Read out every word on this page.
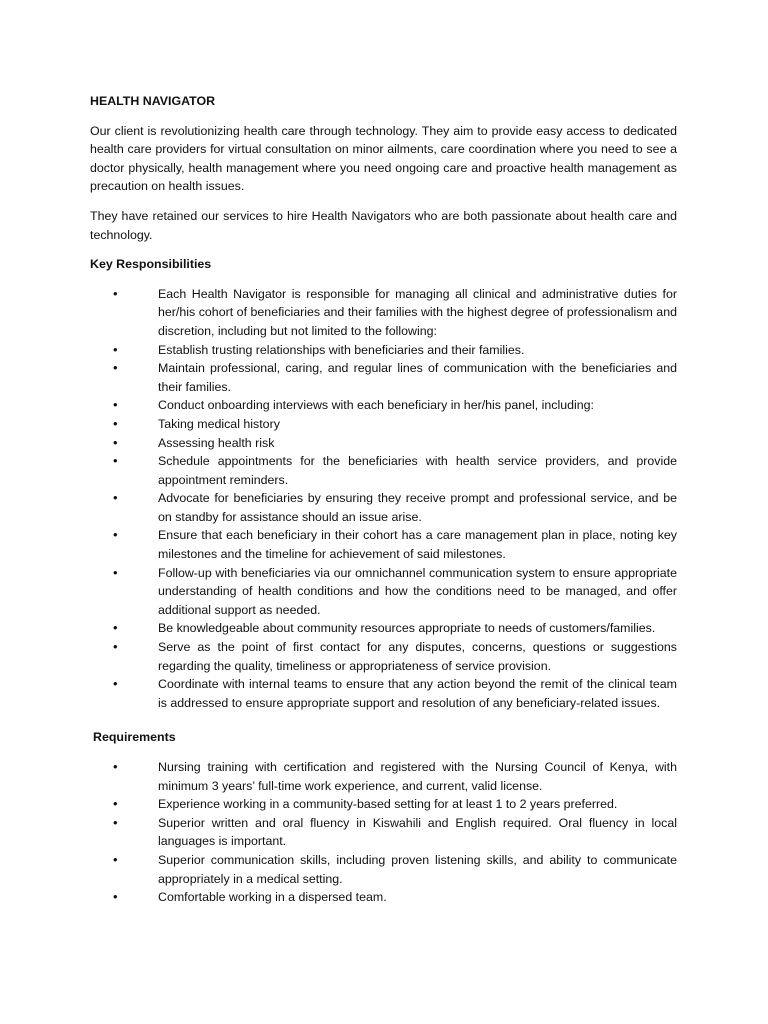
HEALTH NAVIGATOR

Our client is revolutionizing health care through technology. They aim to provide easy access to dedicated health care providers for virtual consultation on minor ailments, care coordination where you need to see a doctor physically, health management where you need ongoing care and proactive health management as precaution on health issues.

They have retained our services to hire Health Navigators who are both passionate about health care and technology.

Key Responsibilities
•	Each Health Navigator is responsible for managing all clinical and administrative duties for her/his cohort of beneficiaries and their families with the highest degree of professionalism and discretion, including but not limited to the following:
•	Establish trusting relationships with beneficiaries and their families.
•	Maintain professional, caring, and regular lines of communication with the beneficiaries and their families.
•	Conduct onboarding interviews with each beneficiary in her/his panel, including:
•	Taking medical history
•	Assessing health risk
•	Schedule appointments for the beneficiaries with health service providers, and provide appointment reminders.
•	Advocate for beneficiaries by ensuring they receive prompt and professional service, and be on standby for assistance should an issue arise.
•	Ensure that each beneficiary in their cohort has a care management plan in place, noting key milestones and the timeline for achievement of said milestones.
•	Follow-up with beneficiaries via our omnichannel communication system to ensure appropriate understanding of health conditions and how the conditions need to be managed, and offer additional support as needed.
•	Be knowledgeable about community resources appropriate to needs of customers/families.
•	Serve as the point of first contact for any disputes, concerns, questions or suggestions regarding the quality, timeliness or appropriateness of service provision.
•	Coordinate with internal teams to ensure that any action beyond the remit of the clinical team is addressed to ensure appropriate support and resolution of any beneficiary-related issues.
Requirements
•	Nursing training with certification and registered with the Nursing Council of Kenya, with minimum 3 years’ full-time work experience, and current, valid license.
•	Experience working in a community-based setting for at least 1 to 2 years preferred.
•	Superior written and oral fluency in Kiswahili and English required. Oral fluency in local languages is important.
•	Superior communication skills, including proven listening skills, and ability to communicate appropriately in a medical setting.
•	Comfortable working in a dispersed team.
